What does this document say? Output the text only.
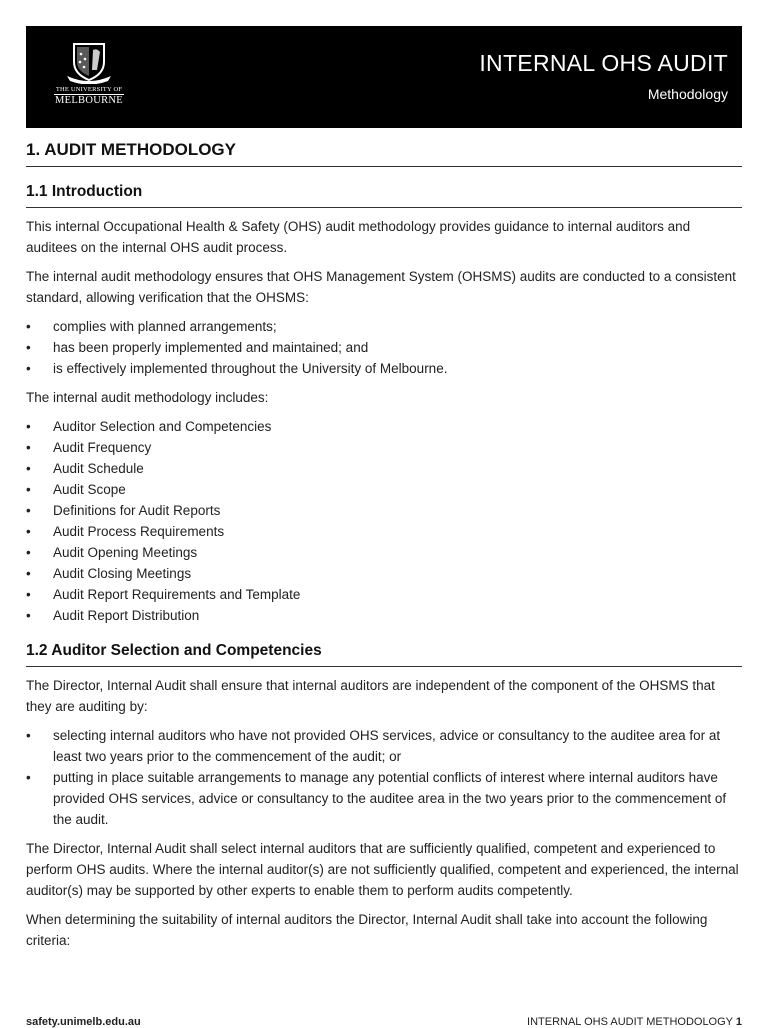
THE UNIVERSITY OF
MELBOURNE
INTERNAL OHS AUDIT
Methodology
1. AUDIT METHODOLOGY
1.1 Introduction

This internal Occupational Health & Safety (OHS) audit methodology provides guidance to internal auditors and auditees on the internal OHS audit process.

The internal audit methodology ensures that OHS Management System (OHSMS) audits are conducted to a consistent standard, allowing verification that the OHSMS:

• complies with planned arrangements;
• has been properly implemented and maintained; and
• is effectively implemented throughout the University of Melbourne.

The internal audit methodology includes:

• Auditor Selection and Competencies
• Audit Frequency
• Audit Schedule
• Audit Scope
• Definitions for Audit Reports
• Audit Process Requirements
• Audit Opening Meetings
• Audit Closing Meetings
• Audit Report Requirements and Template
• Audit Report Distribution
1.2 Auditor Selection and Competencies

The Director, Internal Audit shall ensure that internal auditors are independent of the component of the OHSMS that they are auditing by:

• selecting internal auditors who have not provided OHS services, advice or consultancy to the auditee area for at least two years prior to the commencement of the audit; or
• putting in place suitable arrangements to manage any potential conflicts of interest where internal auditors have provided OHS services, advice or consultancy to the auditee area in the two years prior to the commencement of the audit.

The Director, Internal Audit shall select internal auditors that are sufficiently qualified, competent and experienced to perform OHS audits. Where the internal auditor(s) are not sufficiently qualified, competent and experienced, the internal auditor(s) may be supported by other experts to enable them to perform audits competently.

When determining the suitability of internal auditors the Director, Internal Audit shall take into account the following criteria:

safety.unimelb.edu.au	INTERNAL OHS AUDIT METHODOLOGY 1
